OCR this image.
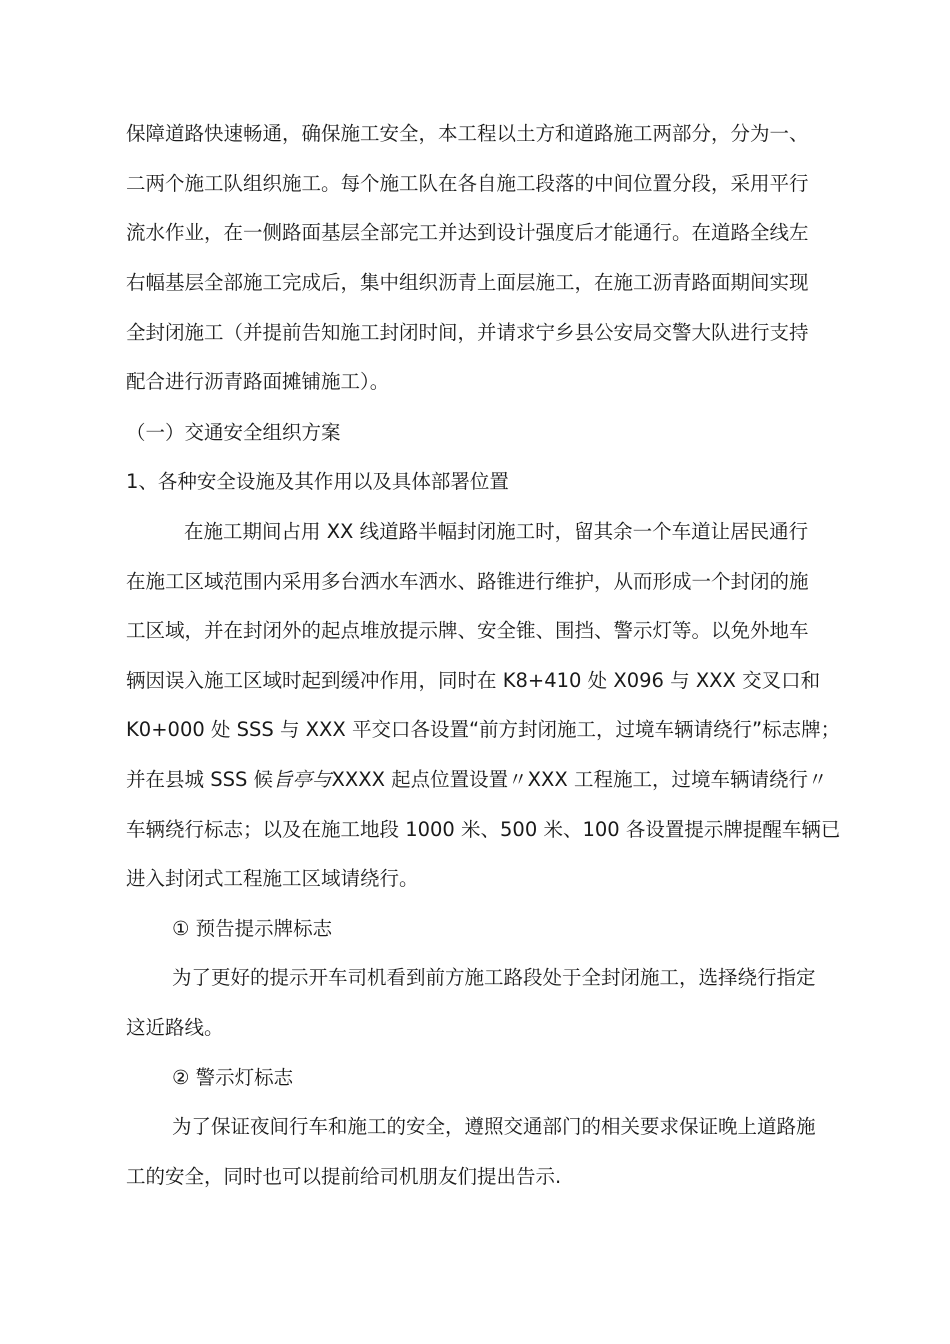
保障道路快速畅通，确保施工安全，本工程以土方和道路施工两部分，分为一、
二两个施工队组织施工。每个施工队在各自施工段落的中间位置分段，采用平行
流水作业，在一侧路面基层全部完工并达到设计强度后才能通行。在道路全线左
右幅基层全部施工完成后，集中组织沥青上面层施工，在施工沥青路面期间实现
全封闭施工（并提前告知施工封闭时间，并请求宁乡县公安局交警大队进行支持
配合进行沥青路面摊铺施工）。
（一）交通安全组织方案
1、各种安全设施及其作用以及具体部署位置
在施工期间占用 XX 线道路半幅封闭施工时，留其余一个车道让居民通行
在施工区域范围内采用多台洒水车洒水、路锥进行维护，从而形成一个封闭的施
工区域，并在封闭外的起点堆放提示牌、安全锥、围挡、警示灯等。以免外地车
辆因误入施工区域时起到缓冲作用，同时在 K8+410 处 X096 与 XXX 交叉口和
K0+000 处 SSS 与 XXX 平交口各设置“前方封闭施工，过境车辆请绕行”标志牌；
并在县城 SSS 候旨亭与XXXX 起点位置设置〃XXX 工程施工，过境车辆请绕行〃
车辆绕行标志；以及在施工地段 1000 米、500 米、100 各设置提示牌提醒车辆已
进入封闭式工程施工区域请绕行。
① 预告提示牌标志
为了更好的提示开车司机看到前方施工路段处于全封闭施工，选择绕行指定
这近路线。
② 警示灯标志
为了保证夜间行车和施工的安全，遵照交通部门的相关要求保证晚上道路施
工的安全，同时也可以提前给司机朋友们提出告示.
